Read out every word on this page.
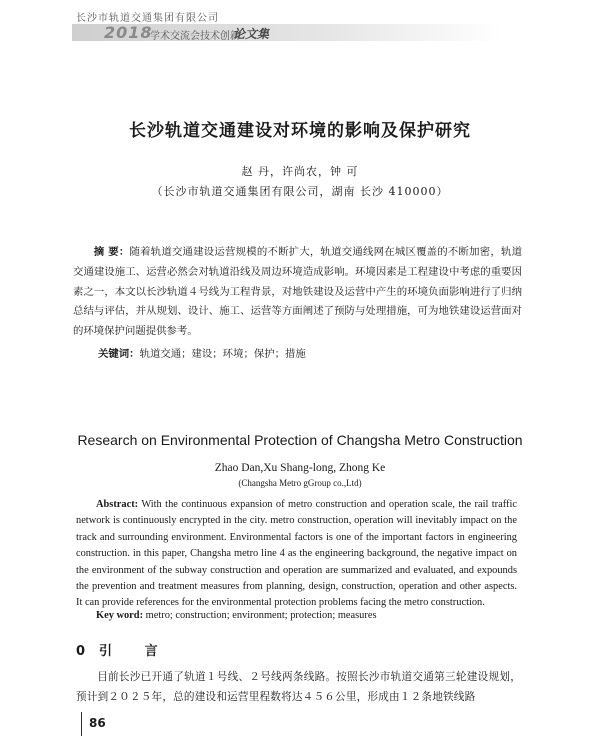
长沙市轨道交通集团有限公司
2018
学术交流会技术创新
论文集
长沙轨道交通建设对环境的影响及保护研究
赵 丹，许尚农，钟 可
（长沙市轨道交通集团有限公司，湖南 长沙 410000）
摘 要：随着轨道交通建设运营规模的不断扩大，轨道交通线网在城区覆盖的不断加密，轨道交通建设施工、运营必然会对轨道沿线及周边环境造成影响。环境因素是工程建设中考虑的重要因素之一，本文以长沙轨道４号线为工程背景，对地铁建设及运营中产生的环境负面影响进行了归纳总结与评估，并从规划、设计、施工、运营等方面阐述了预防与处理措施，可为地铁建设运营面对的环境保护问题提供参考。
关键词：轨道交通；建设；环境；保护；措施
Research on Environmental Protection of Changsha Metro Construction
Zhao Dan,Xu Shang-long, Zhong Ke
(Changsha Metro gGroup co.,Ltd)
Abstract: With the continuous expansion of metro construction and operation scale, the rail traffic network is continuously encrypted in the city. metro construction, operation will inevitably impact on the track and surrounding environment. Environmental factors is one of the important factors in engineering construction. in this paper, Changsha metro line 4 as the engineering background, the negative impact on the environment of the subway construction and operation are summarized and evaluated, and expounds the prevention and treatment measures from planning, design, construction, operation and other aspects. It can provide references for the environmental protection problems facing the metro construction.
Key word: metro; construction; environment; protection; measures
0 引 言
目前长沙已开通了轨道１号线、２号线两条线路。按照长沙市轨道交通第三轮建设规划，预计到２０２５年，总的建设和运营里程数将达４５６公里，形成由１２条地铁线路
86
